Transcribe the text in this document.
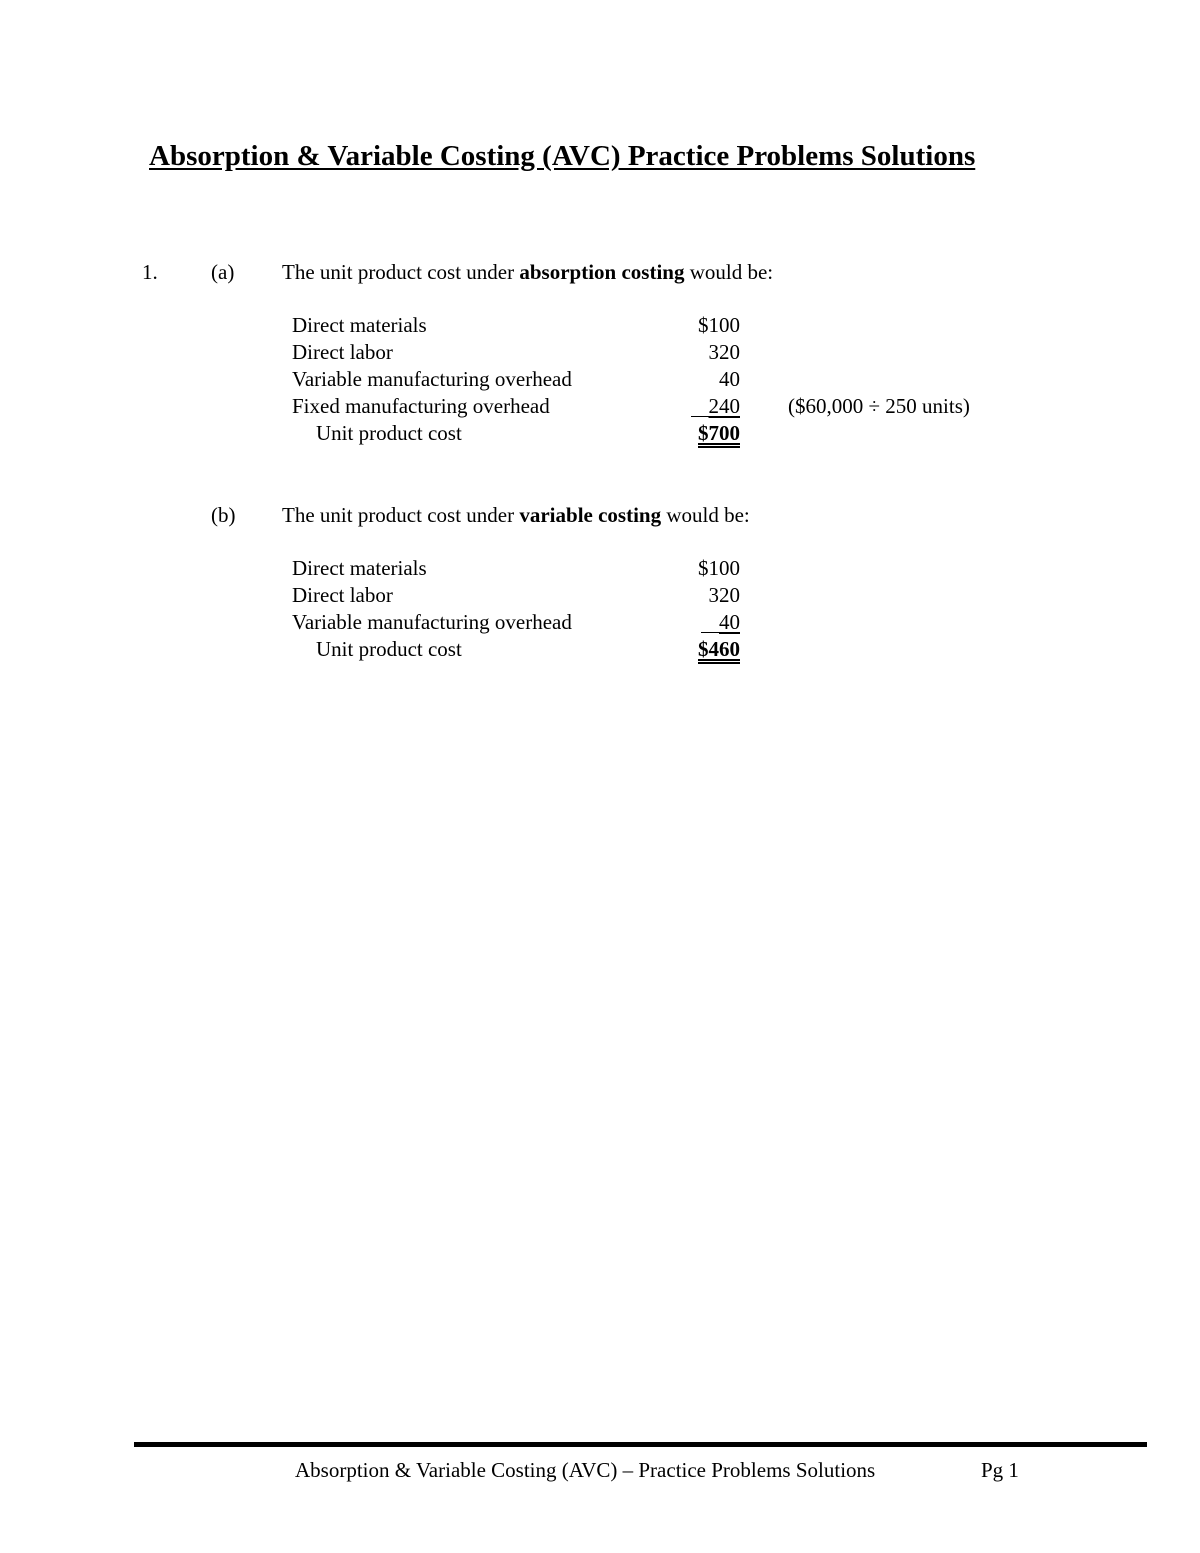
Absorption & Variable Costing (AVC) Practice Problems Solutions
1.	(a) The unit product cost under absorption costing would be:
Direct materials	$100
Direct labor	320
Variable manufacturing overhead	40
Fixed manufacturing overhead	240 ($60,000 ÷ 250 units)
Unit product cost	$700
(b) The unit product cost under variable costing would be:
Direct materials	$100
Direct labor	320
Variable manufacturing overhead	40
Unit product cost	$460
Absorption & Variable Costing (AVC) – Practice Problems Solutions	Pg 1
